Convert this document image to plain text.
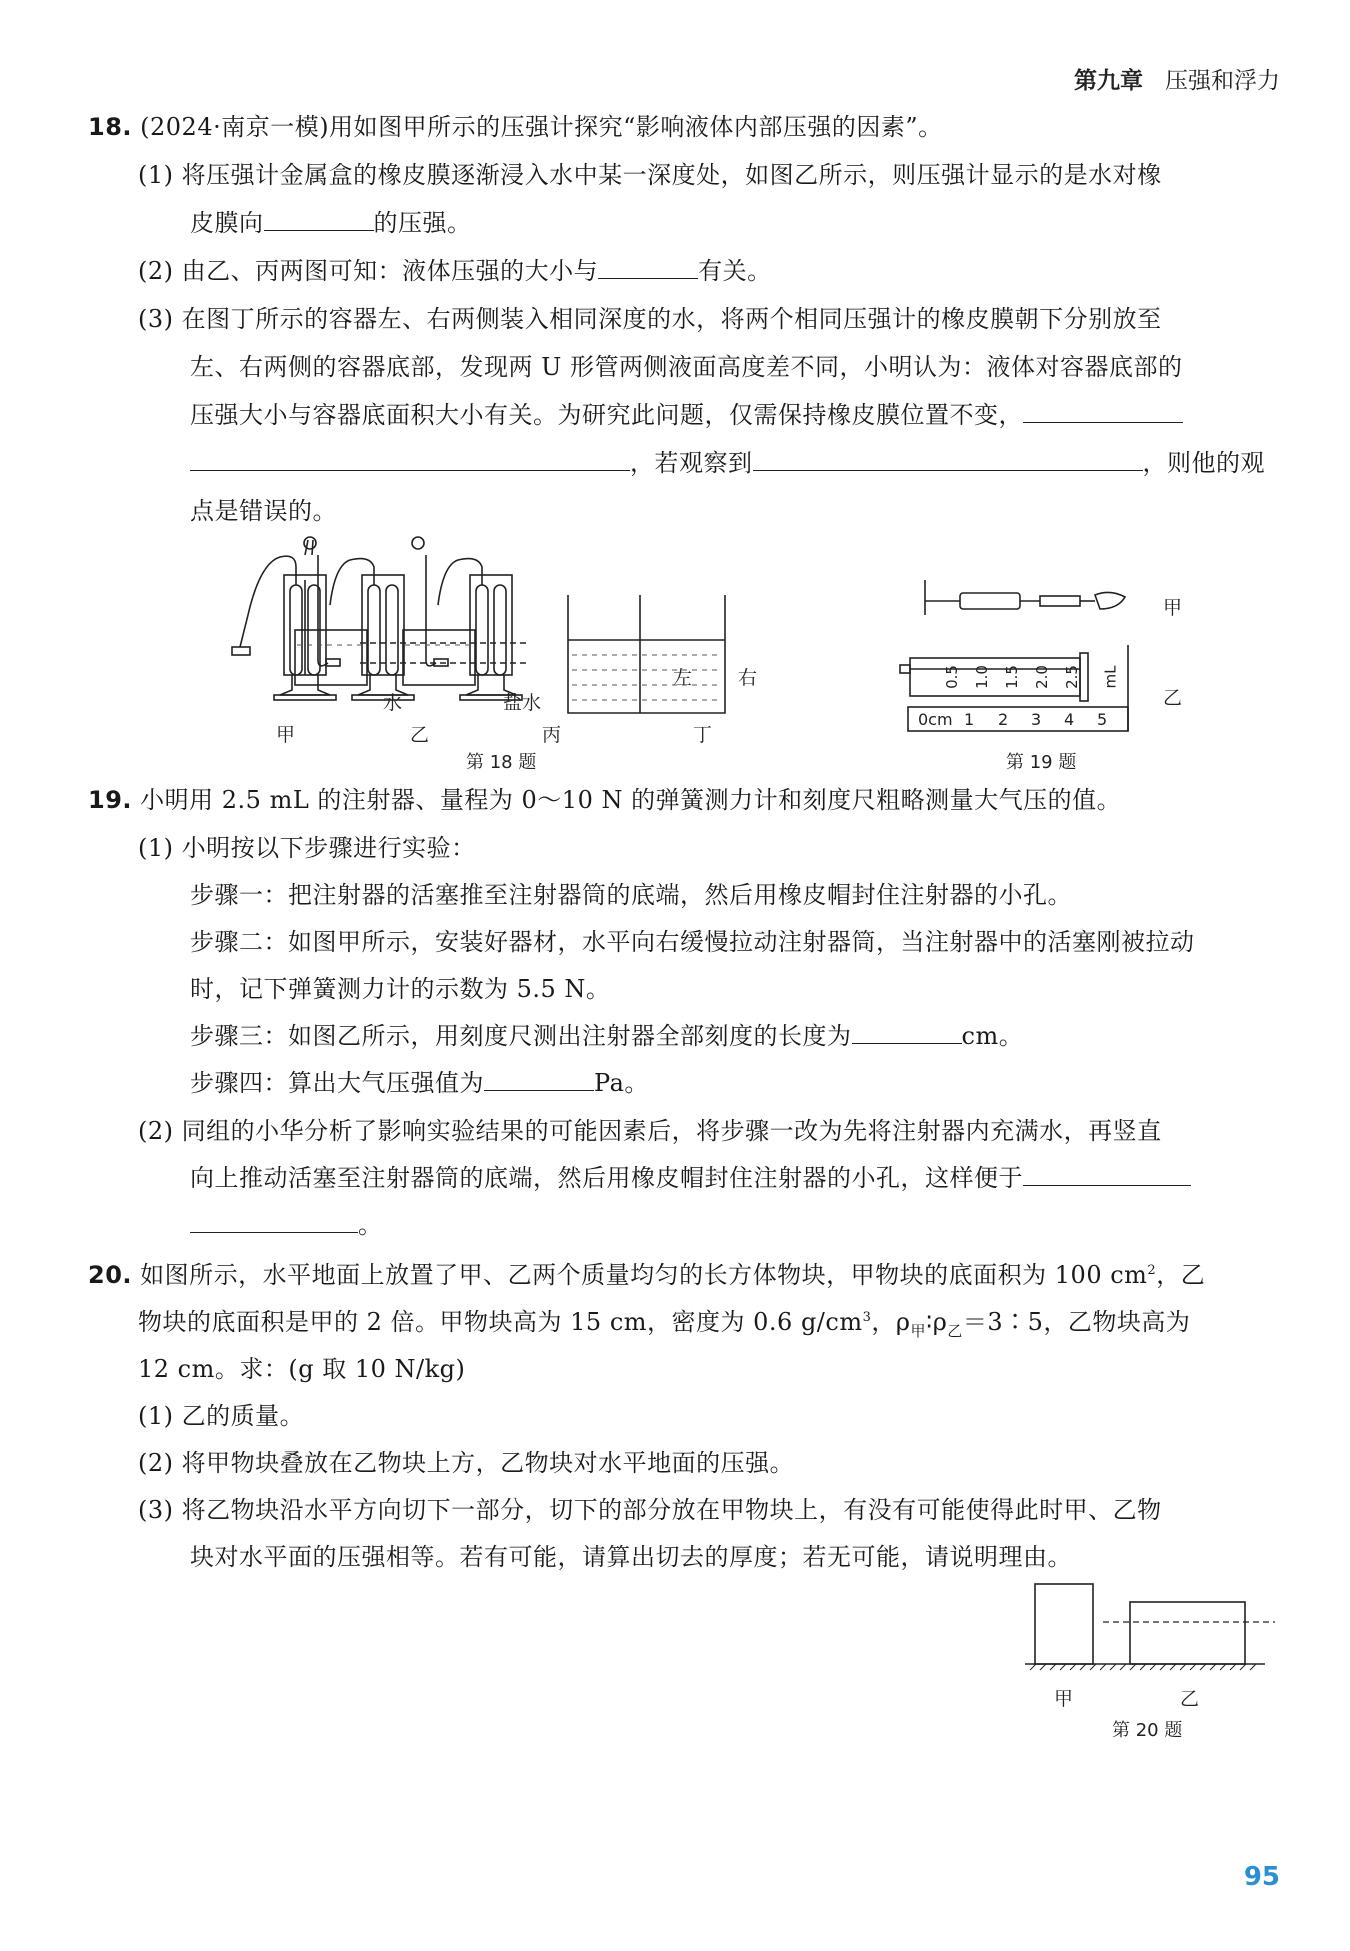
第九章 压强和浮力
18. (2024·南京一模)用如图甲所示的压强计探究“影响液体内部压强的因素”。
(1) 将压强计金属盒的橡皮膜逐渐浸入水中某一深度处，如图乙所示，则压强计显示的是水对橡
皮膜向	的压强。
(2) 由乙、丙两图可知：液体压强的大小与	有关。
(3) 在图丁所示的容器左、右两侧装入相同深度的水，将两个相同压强计的橡皮膜朝下分别放至
左、右两侧的容器底部，发现两 U 形管两侧液面高度差不同，小明认为：液体对容器底部的
压强大小与容器底面积大小有关。为研究此问题，仅需保持橡皮膜位置不变，
，若观察到	，则他的观
点是错误的。
甲
水
乙
盐水
丙
左 右
丁
第 18 题
甲
乙
mL
0.5 1.0 1.5 2.0 2.5
0cm 1 2 3 4 5
第 19 题
19. 小明用 2.5 mL 的注射器、量程为 0～10 N 的弹簧测力计和刻度尺粗略测量大气压的值。
(1) 小明按以下步骤进行实验：
步骤一：把注射器的活塞推至注射器筒的底端，然后用橡皮帽封住注射器的小孔。
步骤二：如图甲所示，安装好器材，水平向右缓慢拉动注射器筒，当注射器中的活塞刚被拉动
时，记下弹簧测力计的示数为 5.5 N。
步骤三：如图乙所示，用刻度尺测出注射器全部刻度的长度为	cm。
步骤四：算出大气压强值为	Pa。
(2) 同组的小华分析了影响实验结果的可能因素后，将步骤一改为先将注射器内充满水，再竖直
向上推动活塞至注射器筒的底端，然后用橡皮帽封住注射器的小孔，这样便于
。
20. 如图所示，水平地面上放置了甲、乙两个质量均匀的长方体物块，甲物块的底面积为 100 $cm^2$，乙
物块的底面积是甲的 2 倍。甲物块高为 15 cm，密度为 0.6 $g/cm^3$，$\rho_甲∶\rho_乙=3∶5$，乙物块高为
12 cm。求：(g 取 10 N/kg)
(1) 乙的质量。
(2) 将甲物块叠放在乙物块上方，乙物块对水平地面的压强。
(3) 将乙物块沿水平方向切下一部分，切下的部分放在甲物块上，有没有可能使得此时甲、乙物
块对水平面的压强相等。若有可能，请算出切去的厚度；若无可能，请说明理由。
甲	乙
第 20 题
95
